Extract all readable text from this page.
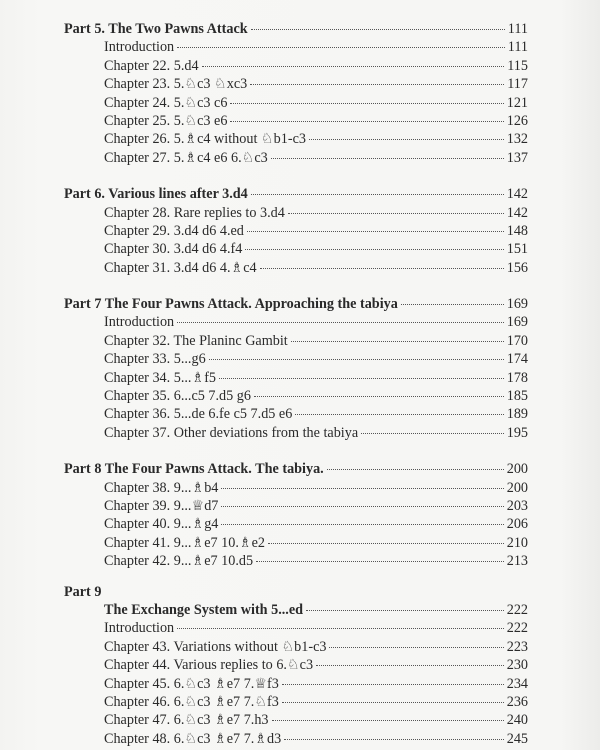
Part 5. The Two Pawns Attack	111
Introduction	111
Chapter 22. 5.d4	115
Chapter 23. 5.♘c3 ♘xc3	117
Chapter 24. 5.♘c3 c6	121
Chapter 25. 5.♘c3 e6	126
Chapter 26. 5.♗c4 without ♘b1-c3	132
Chapter 27. 5.♗c4 e6 6.♘c3	137
Part 6. Various lines after 3.d4	142
Chapter 28. Rare replies to 3.d4	142
Chapter 29. 3.d4 d6 4.ed	148
Chapter 30. 3.d4 d6 4.f4	151
Chapter 31. 3.d4 d6 4.♗c4	156
Part 7 The Four Pawns Attack. Approaching the tabiya	169
Introduction	169
Chapter 32. The Planinc Gambit	170
Chapter 33. 5...g6	174
Chapter 34. 5...♗f5	178
Chapter 35. 6...c5 7.d5 g6	185
Chapter 36. 5...de 6.fe c5 7.d5 e6	189
Chapter 37. Other deviations from the tabiya	195
Part 8 The Four Pawns Attack. The tabiya.	200
Chapter 38. 9...♗b4	200
Chapter 39. 9...♕d7	203
Chapter 40. 9...♗g4	206
Chapter 41. 9...♗e7 10.♗e2	210
Chapter 42. 9...♗e7 10.d5	213
Part 9
The Exchange System with 5...ed	222
Introduction	222
Chapter 43. Variations without ♘b1-c3	223
Chapter 44. Various replies to 6.♘c3	230
Chapter 45. 6.♘c3 ♗e7 7.♕f3	234
Chapter 46. 6.♘c3 ♗e7 7.♘f3	236
Chapter 47. 6.♘c3 ♗e7 7.h3	240
Chapter 48. 6.♘c3 ♗e7 7.♗d3	245
